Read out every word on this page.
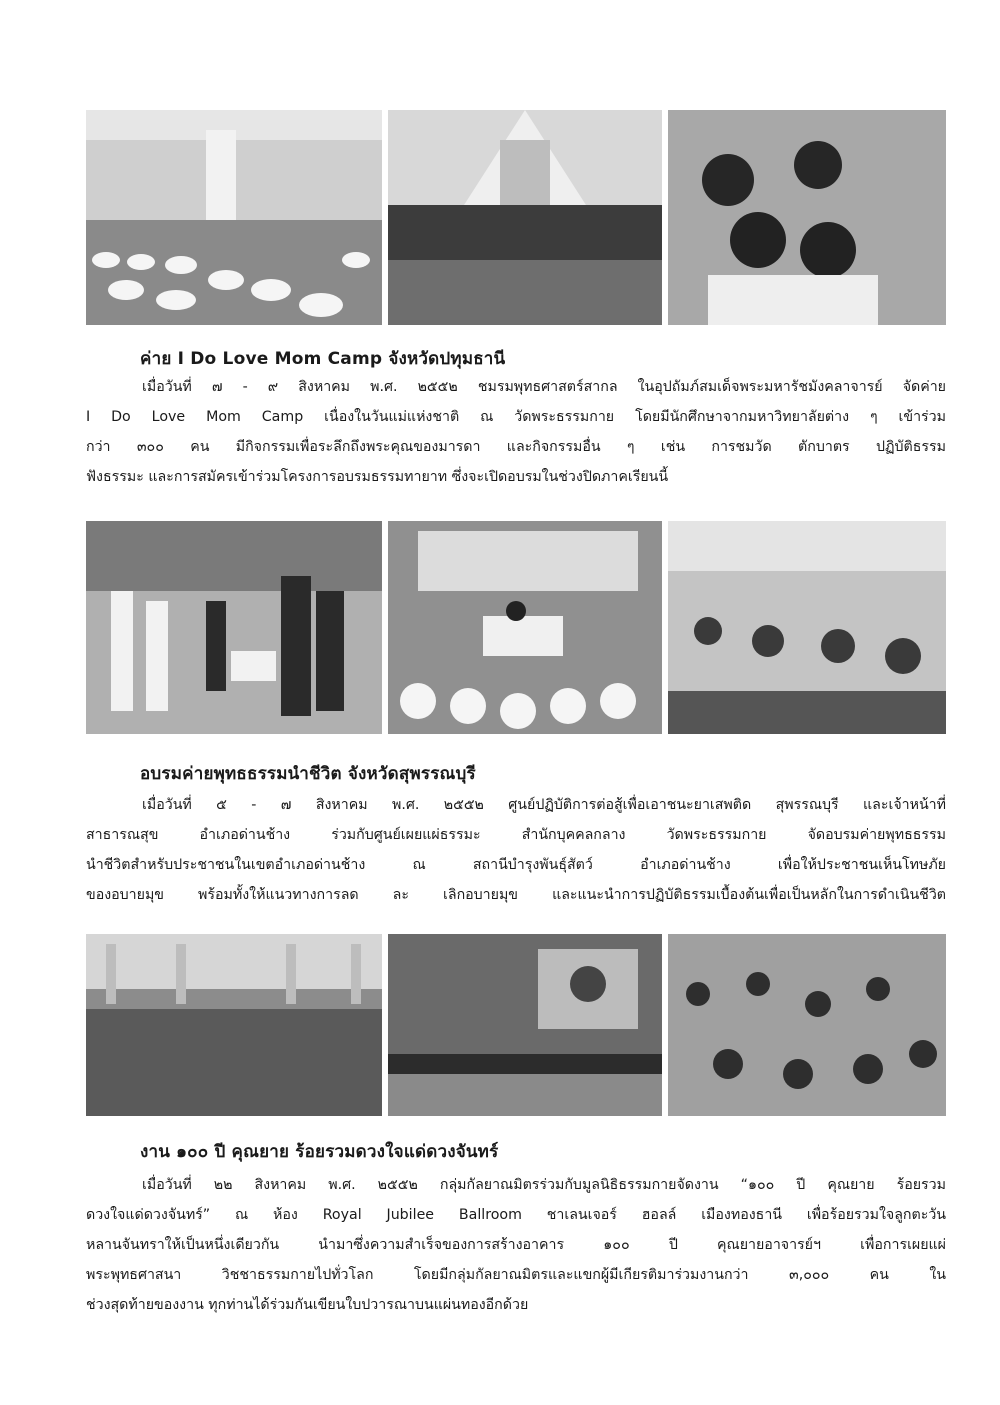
ค่าย I Do Love Mom Camp จังหวัดปทุมธานี
เมื่อวันที่ ๗ - ๙ สิงหาคม พ.ศ. ๒๕๕๒ ชมรมพุทธศาสตร์สากล ในอุปถัมภ์สมเด็จพระมหารัชมังคลาจารย์ จัดค่าย
I Do Love Mom Camp เนื่องในวันแม่แห่งชาติ ณ วัดพระธรรมกาย โดยมีนักศึกษาจากมหาวิทยาลัยต่าง ๆ เข้าร่วม
กว่า ๓๐๐ คน มีกิจกรรมเพื่อระลึกถึงพระคุณของมารดา และกิจกรรมอื่น ๆ เช่น การชมวัด ตักบาตร ปฏิบัติธรรม
ฟังธรรมะ และการสมัครเข้าร่วมโครงการอบรมธรรมทายาท ซึ่งจะเปิดอบรมในช่วงปิดภาคเรียนนี้
อบรมค่ายพุทธธรรมนำชีวิต จังหวัดสุพรรณบุรี
เมื่อวันที่ ๕ - ๗ สิงหาคม พ.ศ. ๒๕๕๒ ศูนย์ปฏิบัติการต่อสู้เพื่อเอาชนะยาเสพติด สุพรรณบุรี และเจ้าหน้าที่
สาธารณสุข อำเภอด่านช้าง ร่วมกับศูนย์เผยแผ่ธรรมะ สำนักบุคคลกลาง วัดพระธรรมกาย จัดอบรมค่ายพุทธธรรม
นำชีวิตสำหรับประชาชนในเขตอำเภอด่านช้าง ณ สถานีบำรุงพันธุ์สัตว์ อำเภอด่านช้าง เพื่อให้ประชาชนเห็นโทษภัย
ของอบายมุข พร้อมทั้งให้แนวทางการลด ละ เลิกอบายมุข และแนะนำการปฏิบัติธรรมเบื้องต้นเพื่อเป็นหลักในการดำเนินชีวิต
งาน ๑๐๐ ปี คุณยาย ร้อยรวมดวงใจแด่ดวงจันทร์
เมื่อวันที่ ๒๒ สิงหาคม พ.ศ. ๒๕๕๒ กลุ่มกัลยาณมิตรร่วมกับมูลนิธิธรรมกายจัดงาน “๑๐๐ ปี คุณยาย ร้อยรวม
ดวงใจแด่ดวงจันทร์” ณ ห้อง Royal Jubilee Ballroom ชาเลนเจอร์ ฮอลล์ เมืองทองธานี เพื่อร้อยรวมใจลูกตะวัน
หลานจันทราให้เป็นหนึ่งเดียวกัน นำมาซึ่งความสำเร็จของการสร้างอาคาร ๑๐๐ ปี คุณยายอาจารย์ฯ เพื่อการเผยแผ่
พระพุทธศาสนา วิชชาธรรมกายไปทั่วโลก โดยมีกลุ่มกัลยาณมิตรและแขกผู้มีเกียรติมาร่วมงานกว่า ๓,๐๐๐ คน ใน
ช่วงสุดท้ายของงาน ทุกท่านได้ร่วมกันเขียนใบปวารณาบนแผ่นทองอีกด้วย
